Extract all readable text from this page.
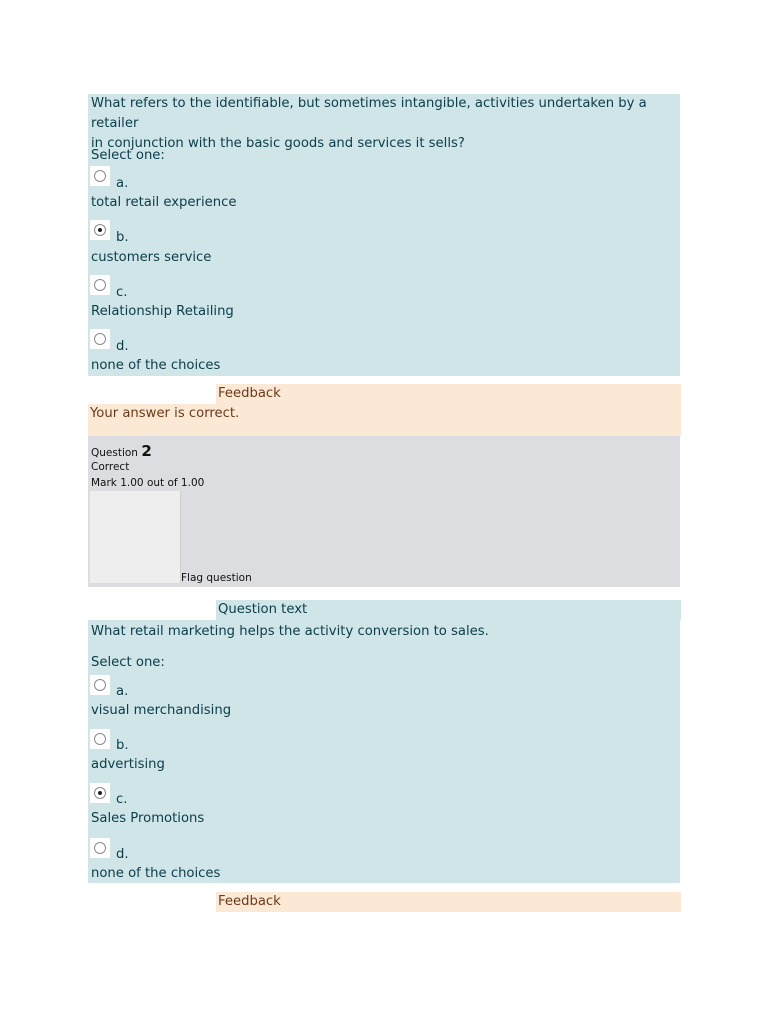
What refers to the identifiable, but sometimes intangible, activities undertaken by a retailer
in conjunction with the basic goods and services it sells?
Select one:
a.
total retail experience
b.
customers service
c.
Relationship Retailing
d.
none of the choices
Feedback
Your answer is correct.
Question 2
Correct
Mark 1.00 out of 1.00
Flag question
Question text
What retail marketing helps the activity conversion to sales.
Select one:
a.
visual merchandising
b.
advertising
c.
Sales Promotions
d.
none of the choices
Feedback
